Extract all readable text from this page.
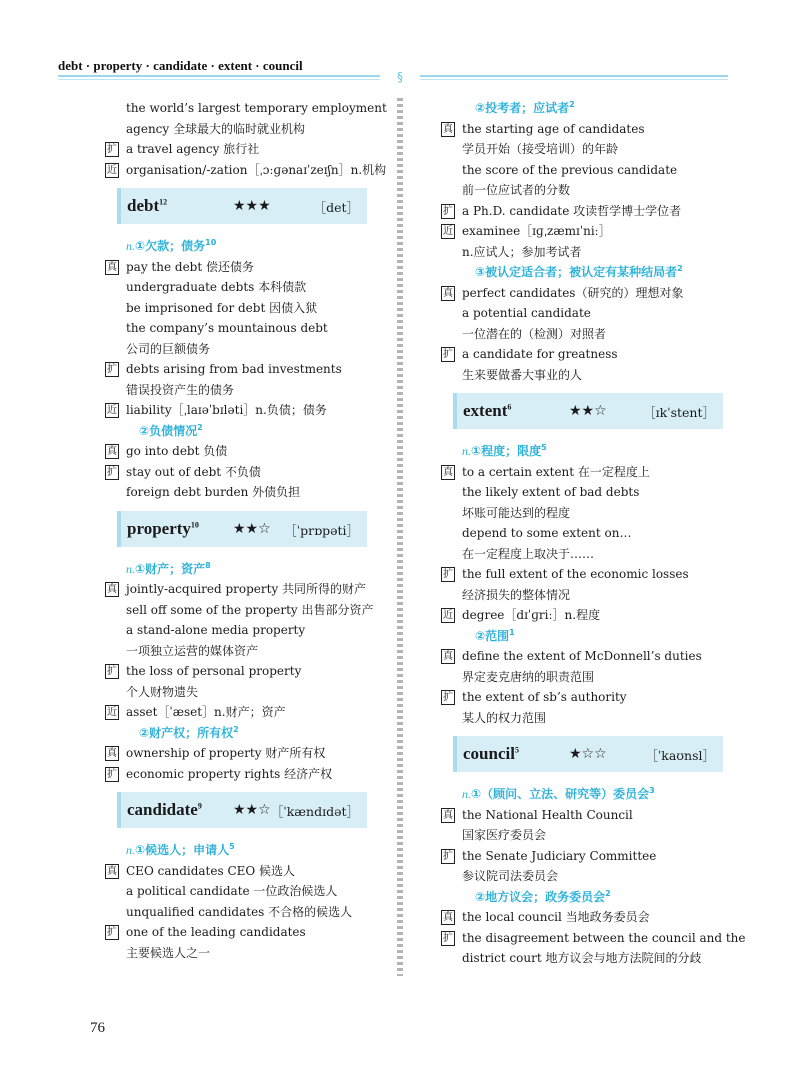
debt · property · candidate · extent · council
§
the world’s largest temporary employment
agency 全球最大的临时就业机构
扩 a travel agency 旅行社
近 organisation/-zation［ˌɔːɡənaɪˈzeɪʃn］n.机构
debt$^{12}$	★★★	［det］
n.①欠款；债务$^{10}$
真 pay the debt 偿还债务
undergraduate debts 本科债款
be imprisoned for debt 因债入狱
the company’s mountainous debt
公司的巨额债务
扩 debts arising from bad investments
错误投资产生的债务
近 liability［ˌlaɪəˈbɪləti］n.负债；债务
②负债情况$^2$
真 go into debt 负债
扩 stay out of debt 不负债
foreign debt burden 外债负担
property$^{10}$ ★★☆ ［ˈprɒpəti］
n.①财产；资产$^8$
真 jointly-acquired property 共同所得的财产
sell off some of the property 出售部分资产
a stand-alone media property
一项独立运营的媒体资产
扩 the loss of personal property
个人财物遗失
近 asset［ˈæset］n.财产；资产
②财产权；所有权$^2$
真 ownership of property 财产所有权
扩 economic property rights 经济产权
candidate$^9$ ★★☆ ［ˈkændɪdət］
n.①候选人；申请人$^5$
真 CEO candidates CEO 候选人
a political candidate 一位政治候选人
unqualified candidates 不合格的候选人
扩 one of the leading candidates
主要候选人之一
②投考者；应试者$^2$
真 the starting age of candidates
学员开始（接受培训）的年龄
the score of the previous candidate
前一位应试者的分数
扩 a Ph.D. candidate 攻读哲学博士学位者
近 examinee［ɪɡˌzæmɪˈniː］
n.应试人；参加考试者
③被认定适合者；被认定有某种结局者$^2$
真 perfect candidates（研究的）理想对象
a potential candidate
一位潜在的（检测）对照者
扩 a candidate for greatness
生来要做番大事业的人
extent$^6$	★★☆	［ɪkˈstent］
n.①程度；限度$^5$
真 to a certain extent 在一定程度上
the likely extent of bad debts
坏账可能达到的程度
depend to some extent on…
在一定程度上取决于……
扩 the full extent of the economic losses
经济损失的整体情况
近 degree［dɪˈɡriː］n.程度
②范围$^1$
真 define the extent of McDonnell’s duties
界定麦克唐纳的职责范围
扩 the extent of sb’s authority
某人的权力范围
council$^5$	★☆☆	［ˈkaʊnsl］
n.①（顾问、立法、研究等）委员会$^3$
真 the National Health Council
国家医疗委员会
扩 the Senate Judiciary Committee
参议院司法委员会
②地方议会；政务委员会$^2$
真 the local council 当地政务委员会
扩 the disagreement between the council and the
district court 地方议会与地方法院间的分歧
76
